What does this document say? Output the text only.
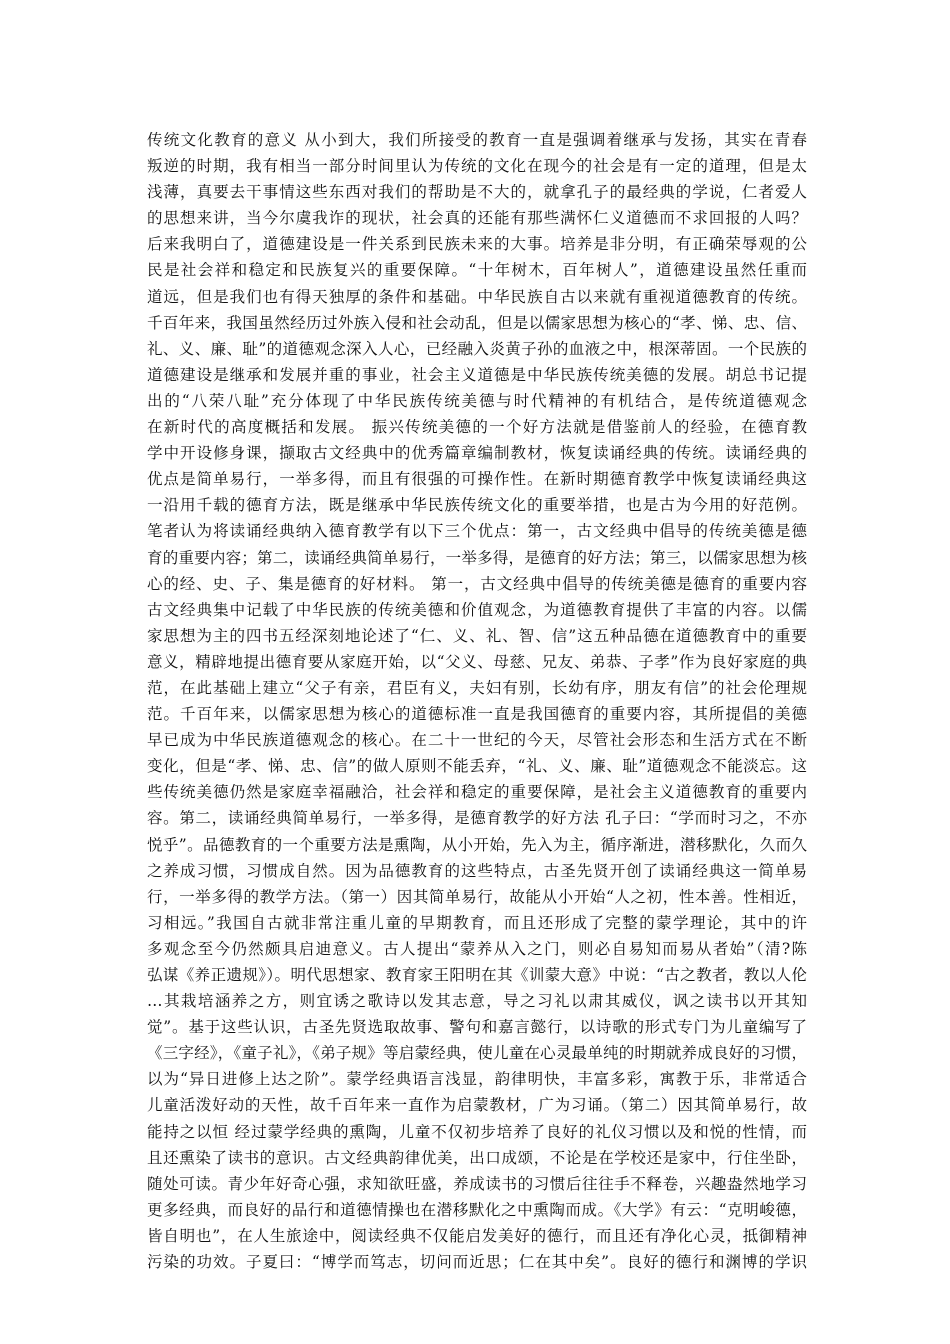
传统文化教育的意义 从小到大，我们所接受的教育一直是强调着继承与发扬，其实在青春
叛逆的时期，我有相当一部分时间里认为传统的文化在现今的社会是有一定的道理，但是太
浅薄，真要去干事情这些东西对我们的帮助是不大的，就拿孔子的最经典的学说，仁者爱人
的思想来讲，当今尔虞我诈的现状，社会真的还能有那些满怀仁义道德而不求回报的人吗？
后来我明白了，道德建设是一件关系到民族未来的大事。培养是非分明，有正确荣辱观的公
民是社会祥和稳定和民族复兴的重要保障。“十年树木，百年树人”，道德建设虽然任重而
道远，但是我们也有得天独厚的条件和基础。中华民族自古以来就有重视道德教育的传统。
千百年来，我国虽然经历过外族入侵和社会动乱，但是以儒家思想为核心的“孝、悌、忠、信、
礼、义、廉、耻”的道德观念深入人心，已经融入炎黄子孙的血液之中，根深蒂固。一个民族的
道德建设是继承和发展并重的事业，社会主义道德是中华民族传统美德的发展。胡总书记提
出的“八荣八耻”充分体现了中华民族传统美德与时代精神的有机结合，是传统道德观念
在新时代的高度概括和发展。 振兴传统美德的一个好方法就是借鉴前人的经验，在德育教
学中开设修身课，撷取古文经典中的优秀篇章编制教材，恢复读诵经典的传统。读诵经典的
优点是简单易行，一举多得，而且有很强的可操作性。在新时期德育教学中恢复读诵经典这
一沿用千载的德育方法，既是继承中华民族传统文化的重要举措，也是古为今用的好范例。
笔者认为将读诵经典纳入德育教学有以下三个优点：第一，古文经典中倡导的传统美德是德
育的重要内容；第二，读诵经典简单易行，一举多得，是德育的好方法；第三，以儒家思想为核
心的经、史、子、集是德育的好材料。 第一，古文经典中倡导的传统美德是德育的重要内容
古文经典集中记载了中华民族的传统美德和价值观念，为道德教育提供了丰富的内容。以儒
家思想为主的四书五经深刻地论述了“仁、义、礼、智、信”这五种品德在道德教育中的重要
意义，精辟地提出德育要从家庭开始，以“父义、母慈、兄友、弟恭、子孝”作为良好家庭的典
范，在此基础上建立“父子有亲，君臣有义，夫妇有别，长幼有序，朋友有信”的社会伦理规
范。千百年来，以儒家思想为核心的道德标准一直是我国德育的重要内容，其所提倡的美德
早已成为中华民族道德观念的核心。在二十一世纪的今天，尽管社会形态和生活方式在不断
变化，但是“孝、悌、忠、信”的做人原则不能丢弃，“礼、义、廉、耻”道德观念不能淡忘。这
些传统美德仍然是家庭幸福融洽，社会祥和稳定的重要保障，是社会主义道德教育的重要内
容。第二，读诵经典简单易行，一举多得，是德育教学的好方法 孔子曰：“学而时习之，不亦
悦乎”。品德教育的一个重要方法是熏陶，从小开始，先入为主，循序渐进，潜移默化，久而久
之养成习惯，习惯成自然。因为品德教育的这些特点，古圣先贤开创了读诵经典这一简单易
行，一举多得的教学方法。（第一）因其简单易行，故能从小开始“人之初，性本善。性相近，
习相远。”我国自古就非常注重儿童的早期教育，而且还形成了完整的蒙学理论，其中的许
多观念至今仍然颇具启迪意义。古人提出“蒙养从入之门，则必自易知而易从者始”（清?陈
弘谋《养正遗规》）。明代思想家、教育家王阳明在其《训蒙大意》中说：“古之教者，教以人伦
…其栽培涵养之方，则宜诱之歌诗以发其志意，导之习礼以肃其威仪，讽之读书以开其知
觉”。基于这些认识，古圣先贤选取故事、警句和嘉言懿行，以诗歌的形式专门为儿童编写了
《三字经》，《童子礼》，《弟子规》等启蒙经典，使儿童在心灵最单纯的时期就养成良好的习惯，
以为“异日进修上达之阶”。蒙学经典语言浅显，韵律明快，丰富多彩，寓教于乐，非常适合
儿童活泼好动的天性，故千百年来一直作为启蒙教材，广为习诵。（第二）因其简单易行，故
能持之以恒 经过蒙学经典的熏陶，儿童不仅初步培养了良好的礼仪习惯以及和悦的性情，而
且还熏染了读书的意识。古文经典韵律优美，出口成颂，不论是在学校还是家中，行住坐卧，
随处可读。青少年好奇心强，求知欲旺盛，养成读书的习惯后往往手不释卷，兴趣盎然地学习
更多经典，而良好的品行和道德情操也在潜移默化之中熏陶而成。《大学》有云：“克明峻德，
皆自明也”，在人生旅途中，阅读经典不仅能启发美好的德行，而且还有净化心灵，抵御精神
污染的功效。子夏曰：“博学而笃志，切问而近思；仁在其中矣”。良好的德行和渊博的学识
